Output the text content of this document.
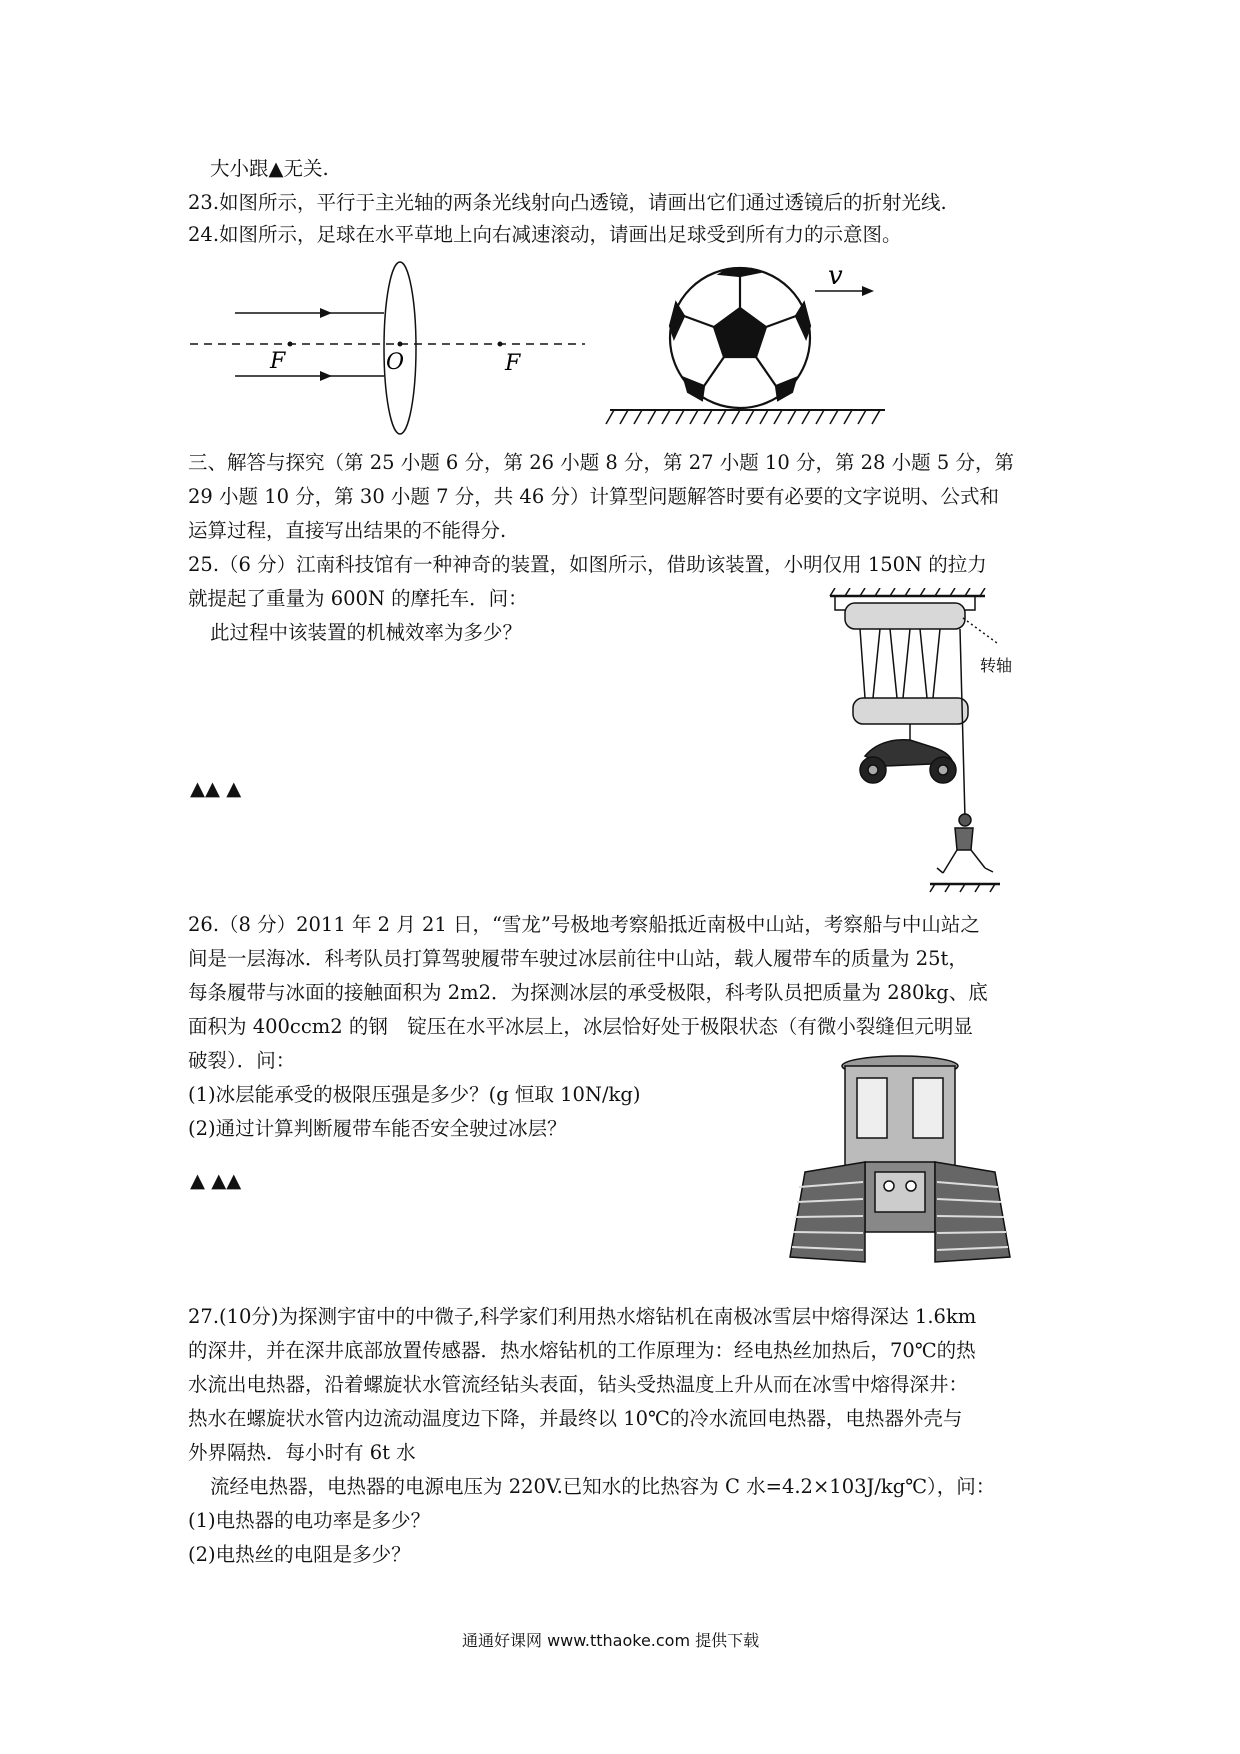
大小跟▲无关.
23.如图所示，平行于主光轴的两条光线射向凸透镜，请画出它们通过透镜后的折射光线.
24.如图所示，足球在水平草地上向右减速滚动，请画出足球受到所有力的示意图。
F	O	F
v
三、解答与探究（第 25 小题 6 分，第 26 小题 8 分，第 27 小题 10 分，第 28 小题 5 分，第
29 小题 10 分，第 30 小题 7 分，共 46 分）计算型问题解答时要有必要的文字说明、公式和
运算过程，直接写出结果的不能得分.
25.（6 分）江南科技馆有一种神奇的装置，如图所示，借助该装置，小明仅用 150N 的拉力
就提起了重量为 600N 的摩托车．问：
此过程中该装置的机械效率为多少？
▲▲ ▲
转轴
26.（8 分）2011 年 2 月 21 日，“雪龙”号极地考察船抵近南极中山站，考察船与中山站之
间是一层海冰．科考队员打算驾驶履带车驶过冰层前往中山站，载人履带车的质量为 25t，
每条履带与冰面的接触面积为 2m2．为探测冰层的承受极限，科考队员把质量为 280kg、底
面积为 400ccm2 的钢　锭压在水平冰层上，冰层恰好处于极限状态（有微小裂缝但元明显
破裂）．问：
(1)冰层能承受的极限压强是多少？(g 恒取 10N/kg)
(2)通过计算判断履带车能否安全驶过冰层？
▲ ▲▲
27.(10分)为探测宇宙中的中微子,科学家们利用热水熔钻机在南极冰雪层中熔得深达 1.6km
的深井，并在深井底部放置传感器．热水熔钻机的工作原理为：经电热丝加热后，70℃的热
水流出电热器，沿着螺旋状水管流经钻头表面，钻头受热温度上升从而在冰雪中熔得深井：
热水在螺旋状水管内边流动温度边下降，并最终以 10℃的冷水流回电热器，电热器外壳与
外界隔热．每小时有 6t 水
流经电热器，电热器的电源电压为 220V.已知水的比热容为 C 水=4.2×103J/kg℃），问：
(1)电热器的电功率是多少？
(2)电热丝的电阻是多少？
通通好课网 www.tthaoke.com 提供下载
